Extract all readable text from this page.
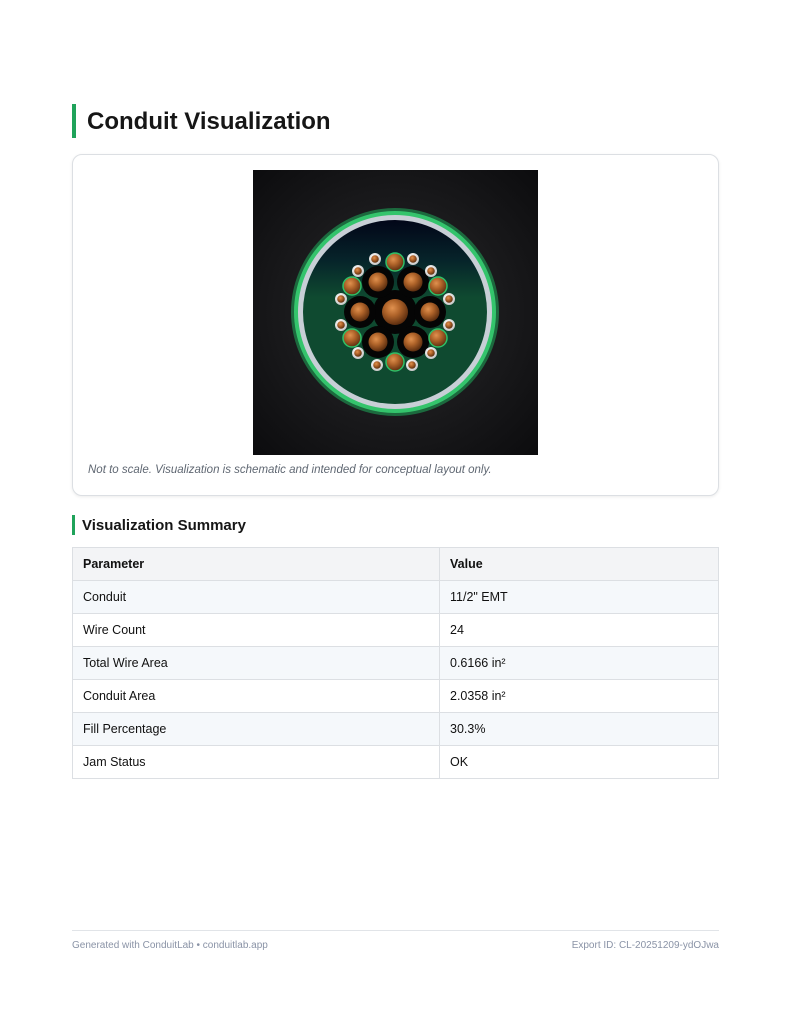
Conduit Visualization
Not to scale. Visualization is schematic and intended for conceptual layout only.
Visualization Summary
Parameter	Value
Conduit	11/2" EMT
Wire Count	24
Total Wire Area	0.6166 in²
Conduit Area	2.0358 in²
Fill Percentage	30.3%
Jam Status	OK
Generated with ConduitLab • conduitlab.app	Export ID: CL-20251209-ydOJwa
